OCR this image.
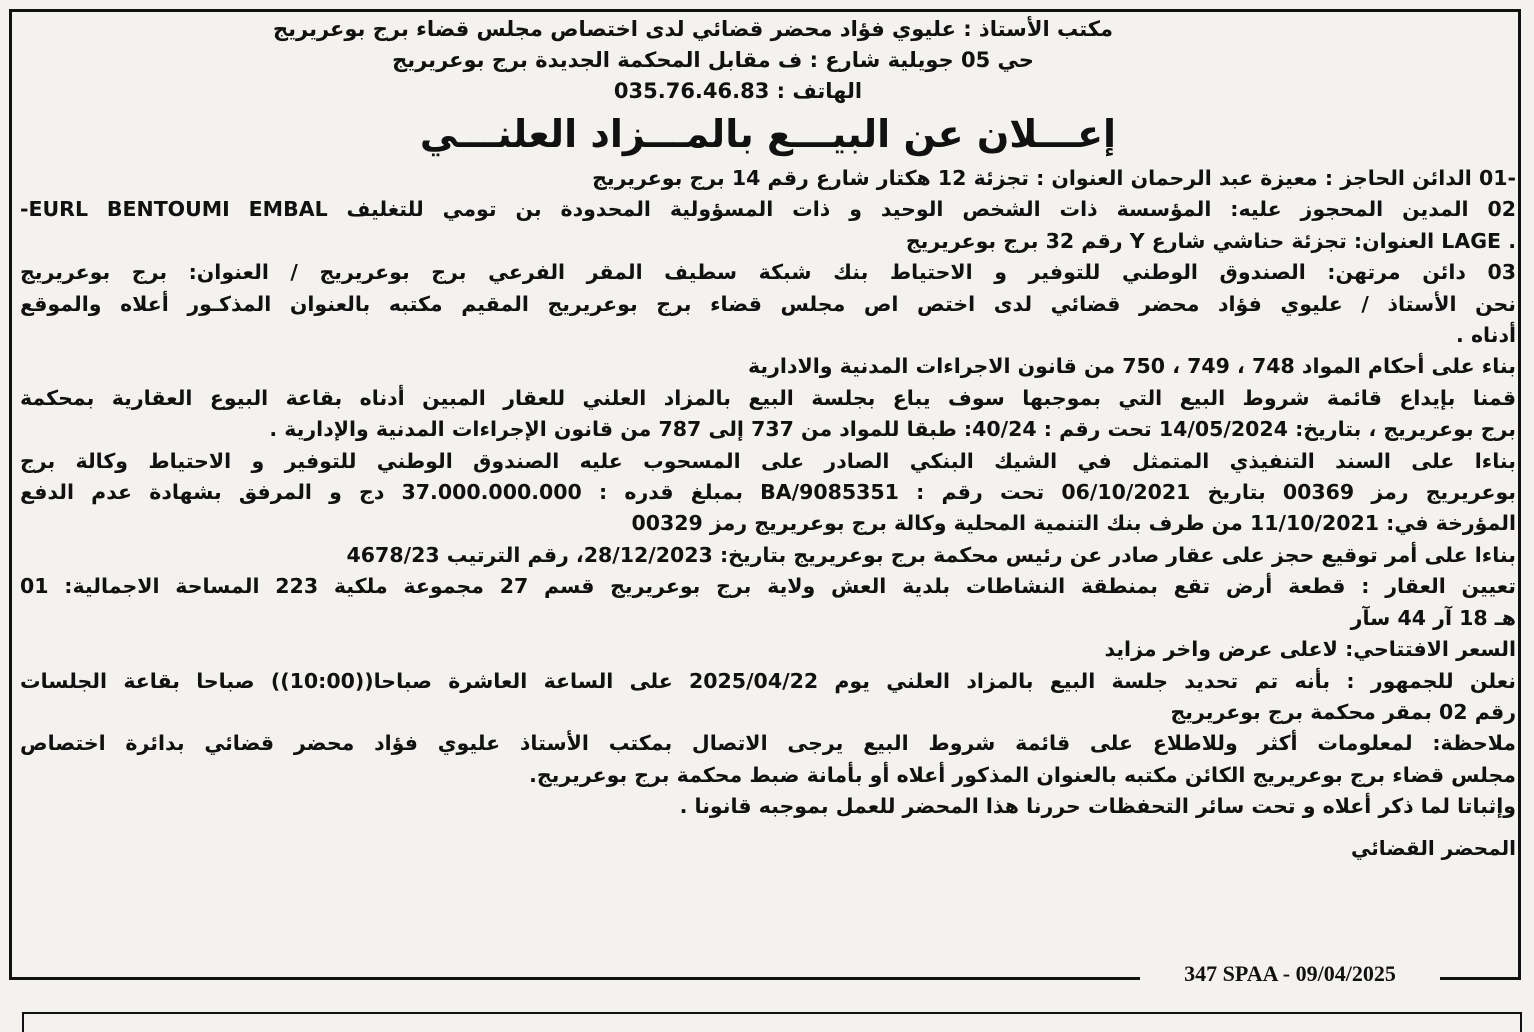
مكتب الأستاذ : عليوي فؤاد محضر قضائي لدى اختصاص مجلس قضاء برج بوعريريج

حي 05 جويلية شارع : ف مقابل المحكمة الجديدة برج بوعريريج

الهاتف : 035.76.46.83

إعـــلان عن البيـــع بالمـــزاد العلنـــي

-01 الدائن الحاجز : معيزة عبد الرحمان العنوان : تجزئة 12 هكتار شارع رقم 14 برج بوعريريج

02 المدين المحجوز عليه: المؤسسة ذات الشخص الوحيد و ذات المسؤولية المحدودة بن تومي للتغليف EURL BENTOUMI EMBAL-

. LAGE العنوان: تجزئة حناشي شارع Y رقم 32 برج بوعريريج

03 دائن مرتهن: الصندوق الوطني للتوفير و الاحتياط بنك شبكة سطيف المقر الفرعي برج بوعريريج / العنوان: برج بوعريريج

نحن الأستاذ / عليوي فؤاد محضر قضائي لدى اختص اص مجلس قضاء برج بوعريريج المقيم مكتبه بالعنوان المذكـور أعلاه والموقع

أدناه .

بناء على أحكام المواد 748 ، 749 ، 750 من قانون الاجراءات المدنية والادارية

قمنا بإيداع قائمة شروط البيع التي بموجبها سوف يباع بجلسة البيع بالمزاد العلني للعقار المبين أدناه بقاعة البيوع العقارية بمحكمة

برج بوعريريج ، بتاريخ: 14/05/2024 تحت رقم : 40/24: طبقا للمواد من 737 إلى 787 من قانون الإجراءات المدنية والإدارية .

بناءا على السند التنفيذي المتمثل في الشيك البنكي الصادر على المسحوب عليه الصندوق الوطني للتوفير و الاحتياط وكالة برج

بوعريريج رمز 00369 بتاريخ 06/10/2021 تحت رقم : BA/9085351 بمبلغ قدره : 37.000.000.000 دج و المرفق بشهادة عدم الدفع

المؤرخة في: 11/10/2021 من طرف بنك التنمية المحلية وكالة برج بوعريريج رمز 00329

بناءا على أمر توقيع حجز على عقار صادر عن رئيس محكمة برج بوعريريج بتاريخ: 28/12/2023، رقم الترتيب 4678/23

تعيين العقار : قطعة أرض تقع بمنطقة النشاطات بلدية العش ولاية برج بوعريريج قسم 27 مجموعة ملكية 223 المساحة الاجمالية: 01

هـ 18 آر 44 سآر

السعر الافتتاحي: لاعلى عرض واخر مزايد

نعلن للجمهور : بأنه تم تحديد جلسة البيع بالمزاد العلني يوم 2025/04/22 على الساعة العاشرة صباحا((10:00)) صباحا بقاعة الجلسات

رقم 02 بمقر محكمة برج بوعريريج

ملاحظة: لمعلومات أكثر وللاطلاع على قائمة شروط البيع يرجى الاتصال بمكتب الأستاذ عليوي فؤاد محضر قضائي بدائرة اختصاص

مجلس قضاء برج بوعريريج الكائن مكتبه بالعنوان المذكور أعلاه أو بأمانة ضبط محكمة برج بوعريريج.

وإثباتا لما ذكر أعلاه و تحت سائر التحفظات حررنا هذا المحضر للعمل بموجبه قانونا .

المحضر القضائي

347 SPAA - 09/04/2025
